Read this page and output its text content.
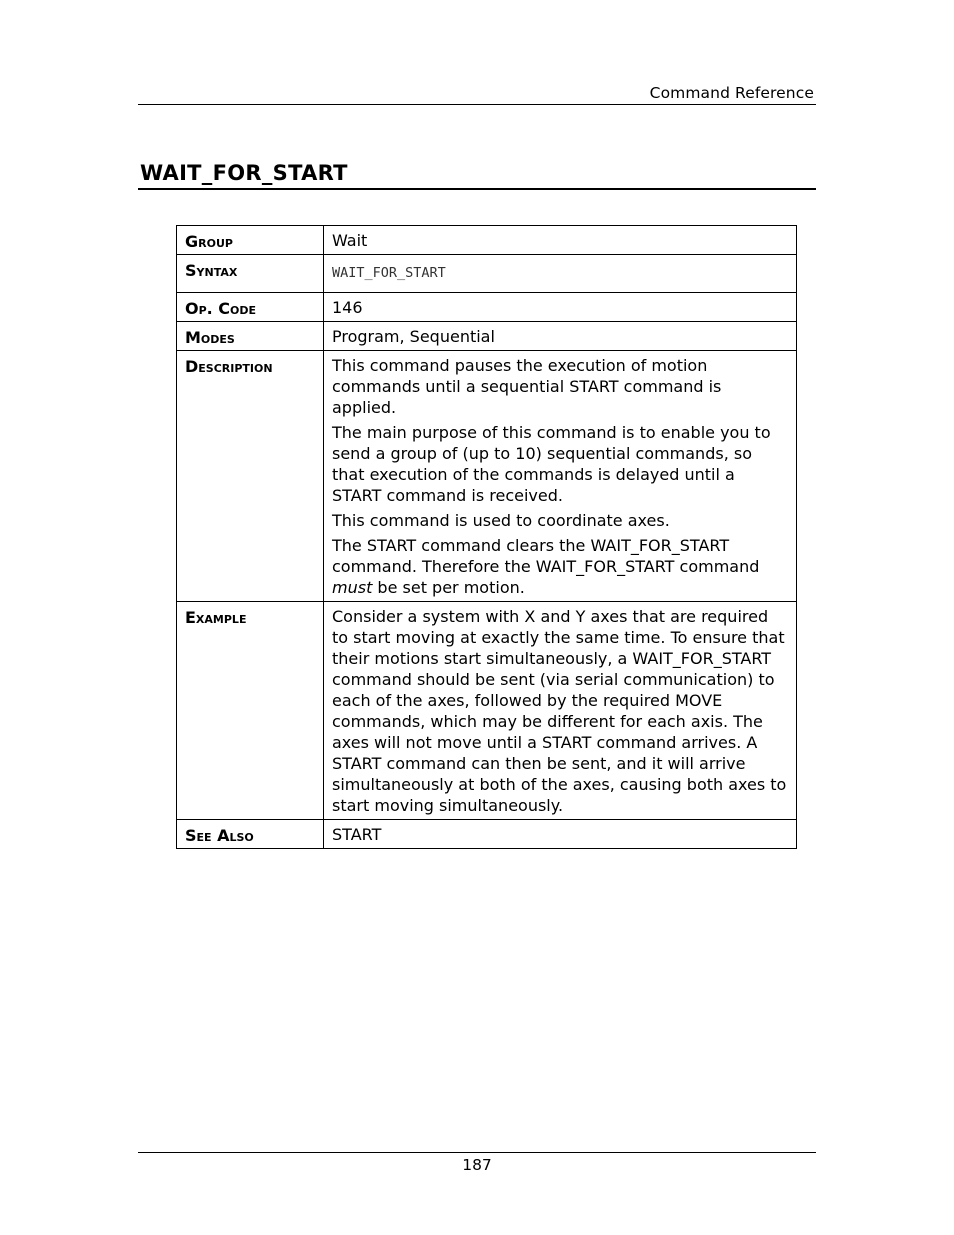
Command Reference
WAIT_FOR_START
Group	Wait
Syntax	WAIT_FOR_START
Op. Code	146
Modes	Program, Sequential
Description	This command pauses the execution of motion commands until a sequential START command is applied.

The main purpose of this command is to enable you to send a group of (up to 10) sequential commands, so that execution of the commands is delayed until a START command is received.

This command is used to coordinate axes.

The START command clears the WAIT_FOR_START command. Therefore the WAIT_FOR_START command must be set per motion.

Example	Consider a system with X and Y axes that are required to start moving at exactly the same time. To ensure that their motions start simultaneously, a WAIT_FOR_START command should be sent (via serial communication) to each of the axes, followed by the required MOVE commands, which may be different for each axis. The axes will not move until a START command arrives. A START command can then be sent, and it will arrive simultaneously at both of the axes, causing both axes to start moving simultaneously.
See Also	START
187
